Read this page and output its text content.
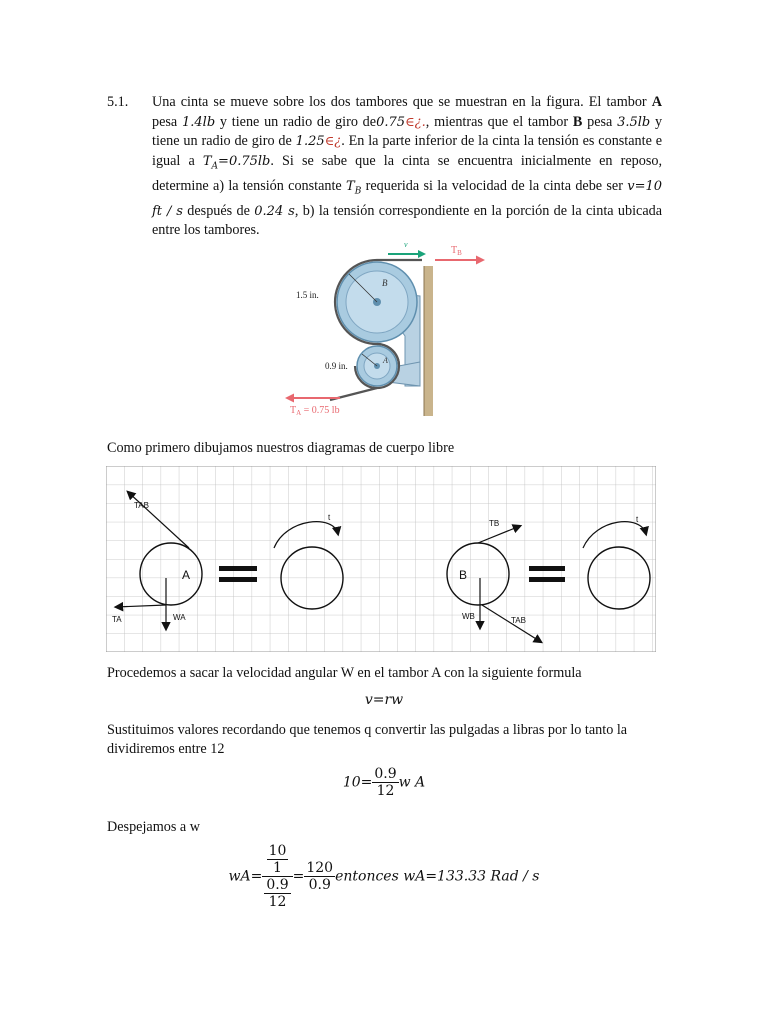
5.1. Una cinta se mueve sobre los dos tambores que se muestran en la figura. El tambor A pesa 1.4lb y tiene un radio de giro de0.75∈¿., mientras que el tambor B pesa 3.5lb y tiene un radio de giro de 1.25∈¿. En la parte inferior de la cinta la tensión es constante e igual a $T_A=0.75lb$. Si se sabe que la cinta se encuentra inicialmente en reposo, determine a) la tensión constante $T_B$ requerida si la velocidad de la cinta debe ser v=10 ft / s después de 0.24 s, b) la tensión correspondiente en la porción de la cinta ubicada entre los tambores.
B
A
1.5 in.
0.9 in.
v
$T_B$
$T_A = 0.75$ lb
Como primero dibujamos nuestros diagramas de cuerpo libre
A
TAB
TA	WA
t
B
TB
WB	TAB
t
Procedemos a sacar la velocidad angular W en el tambor A con la siguiente formula
v=rw
Sustituimos valores recordando que tenemos q convertir las pulgadas a libras por lo tanto la
dividiremos entre 12
$10= \frac{0.9}{12}$ w A
Despejamos a w
$wA= \frac{\frac{10}{1}}{\frac{0.9}{12}} = \frac{120}{0.9}$ entonces wA=133.33 Rad / s
